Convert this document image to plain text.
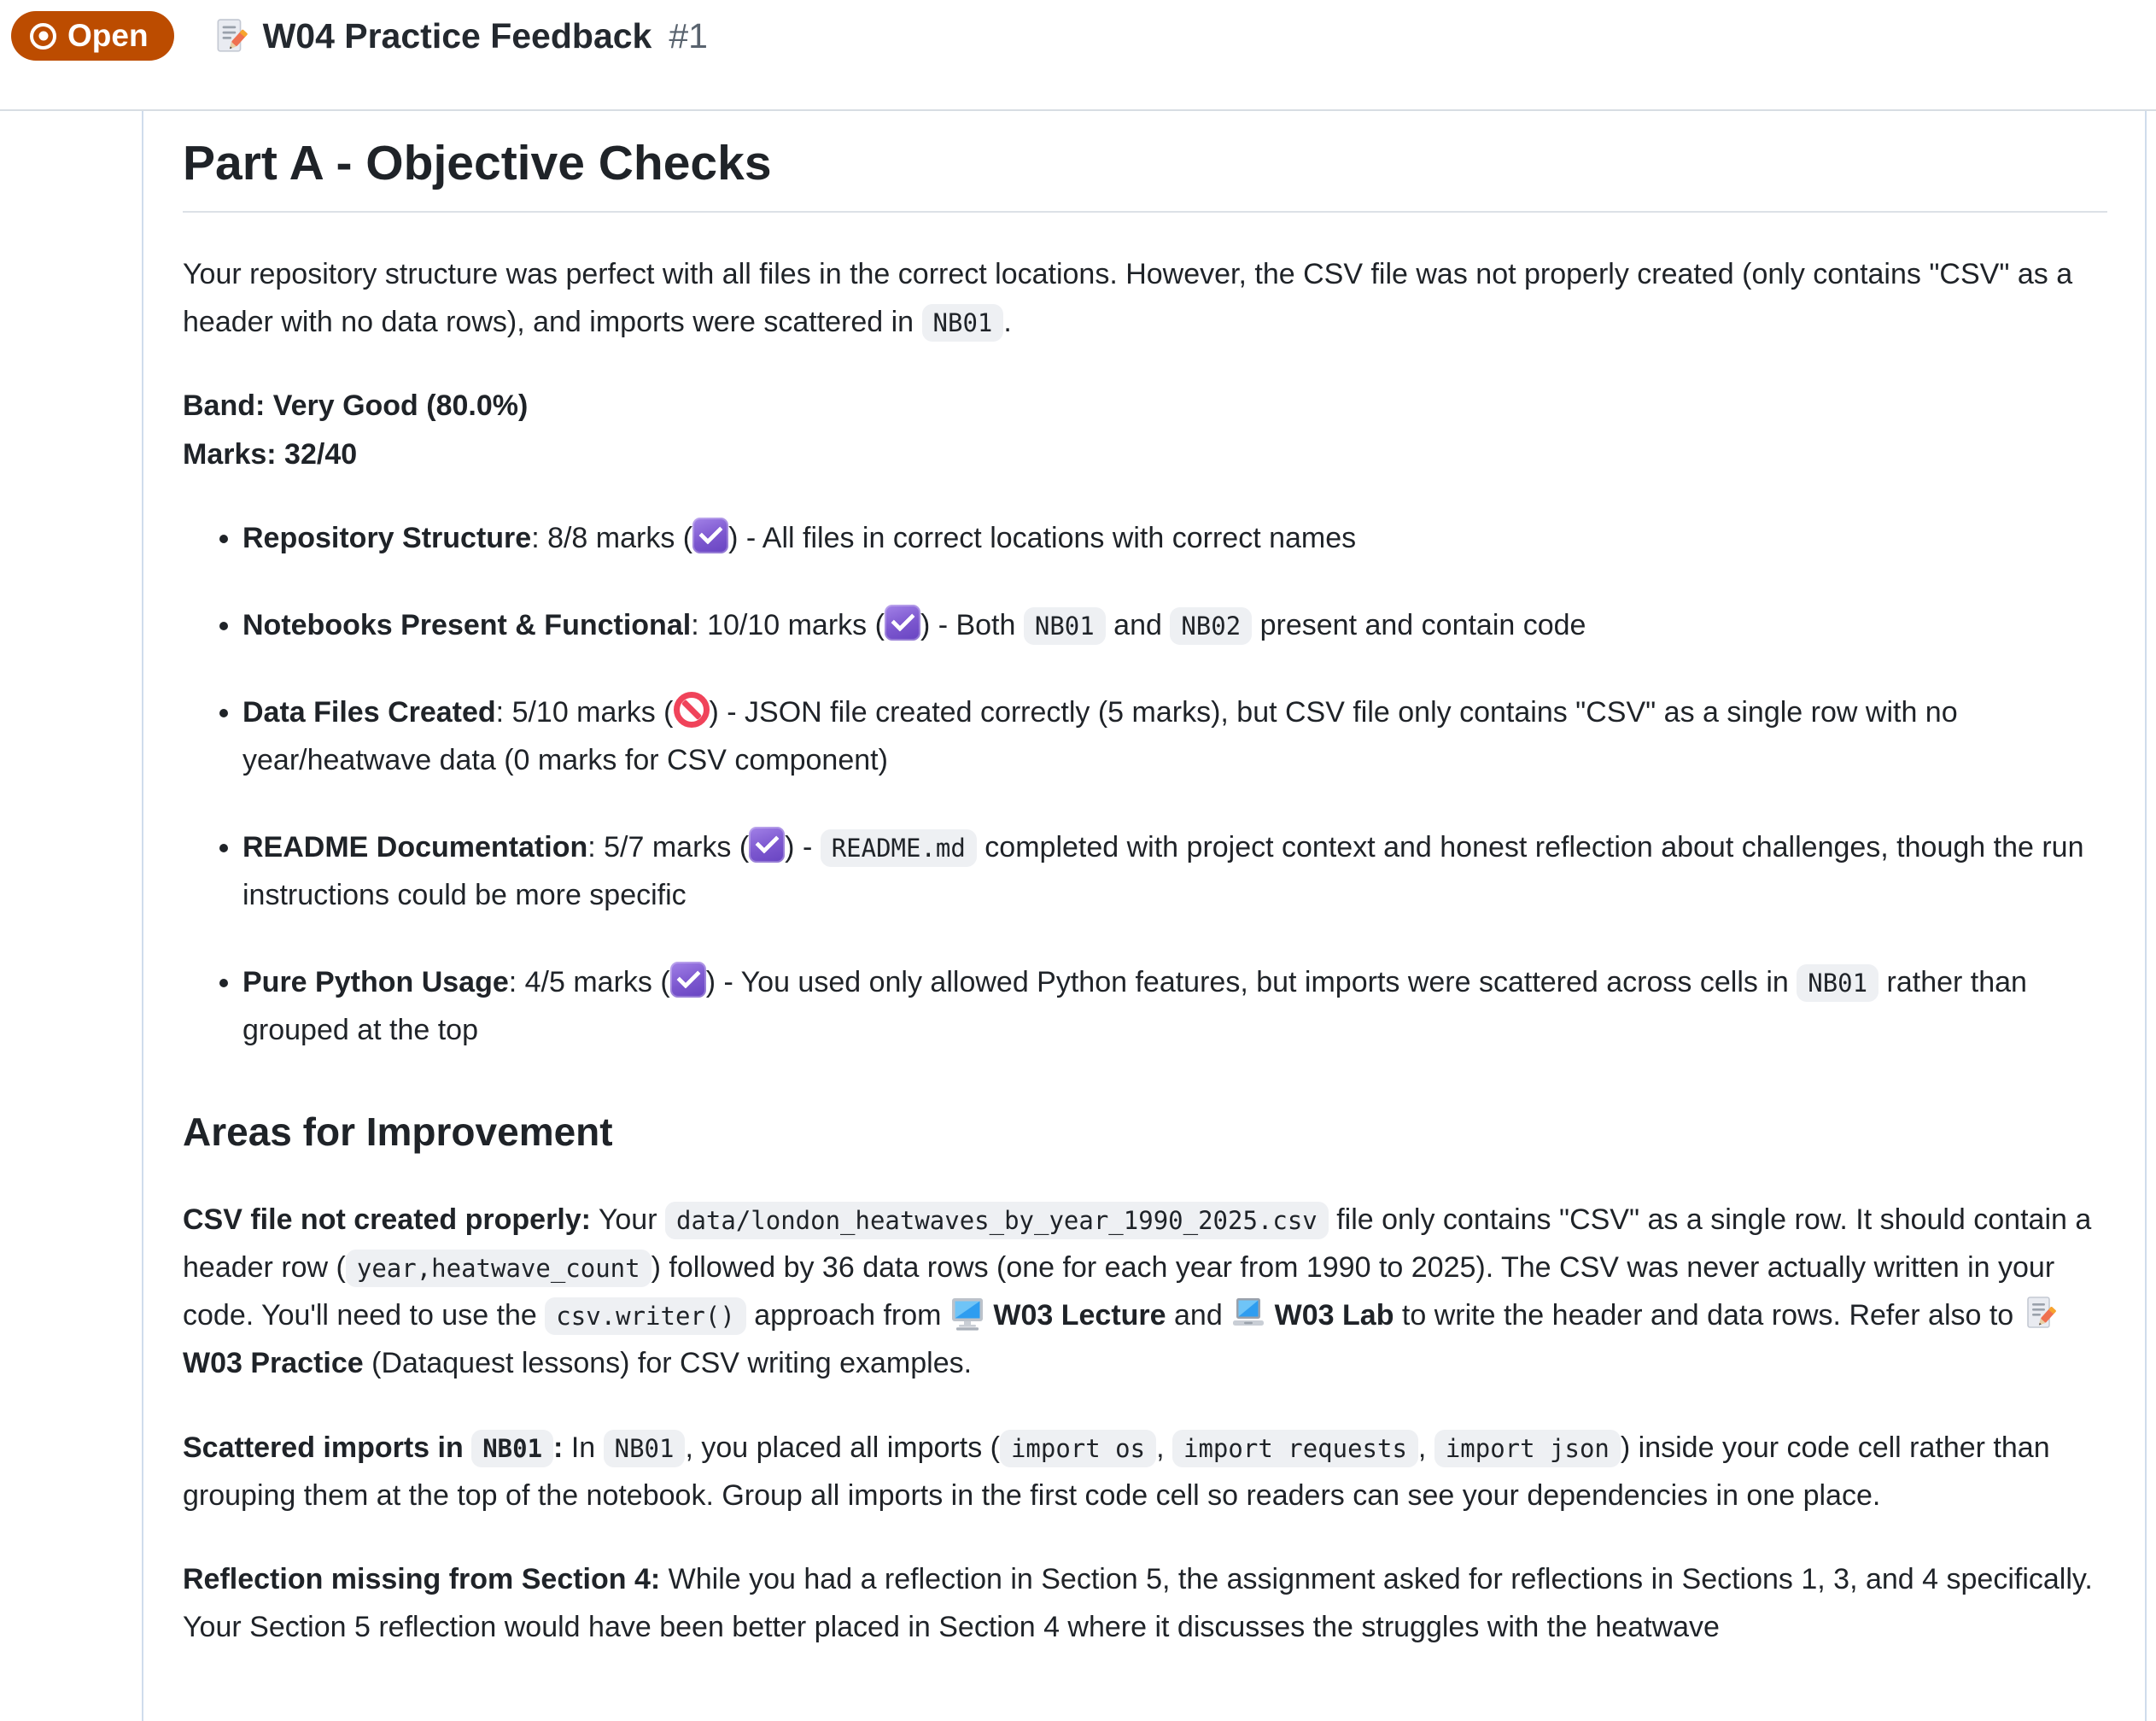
Open	W04 Practice Feedback #1
Part A - Objective Checks

Your repository structure was perfect with all files in the correct locations. However, the CSV file was not properly created (only contains "CSV" as a header with no data rows), and imports were scattered in NB01 .

Band: Very Good (80.0%)
Marks: 32/40

• Repository Structure: 8/8 marks ( ) - All files in correct locations with correct names
• Notebooks Present & Functional: 10/10 marks ( ) - Both NB01 and NB02 present and contain code
• Data Files Created: 5/10 marks ( ) - JSON file created correctly (5 marks), but CSV file only contains "CSV" as a single row with no year/heatwave data (0 marks for CSV component)
• README Documentation: 5/7 marks ( ) - README.md completed with project context and honest reflection about challenges, though the run instructions could be more specific
• Pure Python Usage: 4/5 marks ( ) - You used only allowed Python features, but imports were scattered across cells in NB01 rather than grouped at the top
Areas for Improvement

CSV file not created properly: Your data/london_heatwaves_by_year_1990_2025.csv file only contains "CSV" as a single row. It should contain a header row ( year,heatwave_count ) followed by 36 data rows (one for each year from 1990 to 2025). The CSV was never actually written in your code. You'll need to use the csv.writer() approach from  W03 Lecture and  W03 Lab to write the header and data rows. Refer also to  W03 Practice (Dataquest lessons) for CSV writing examples.

Scattered imports in NB01 : In NB01 , you placed all imports ( import os , import requests , import json ) inside your code cell rather than grouping them at the top of the notebook. Group all imports in the first code cell so readers can see your dependencies in one place.

Reflection missing from Section 4: While you had a reflection in Section 5, the assignment asked for reflections in Sections 1, 3, and 4 specifically. Your Section 5 reflection would have been better placed in Section 4 where it discusses the struggles with the heatwave
